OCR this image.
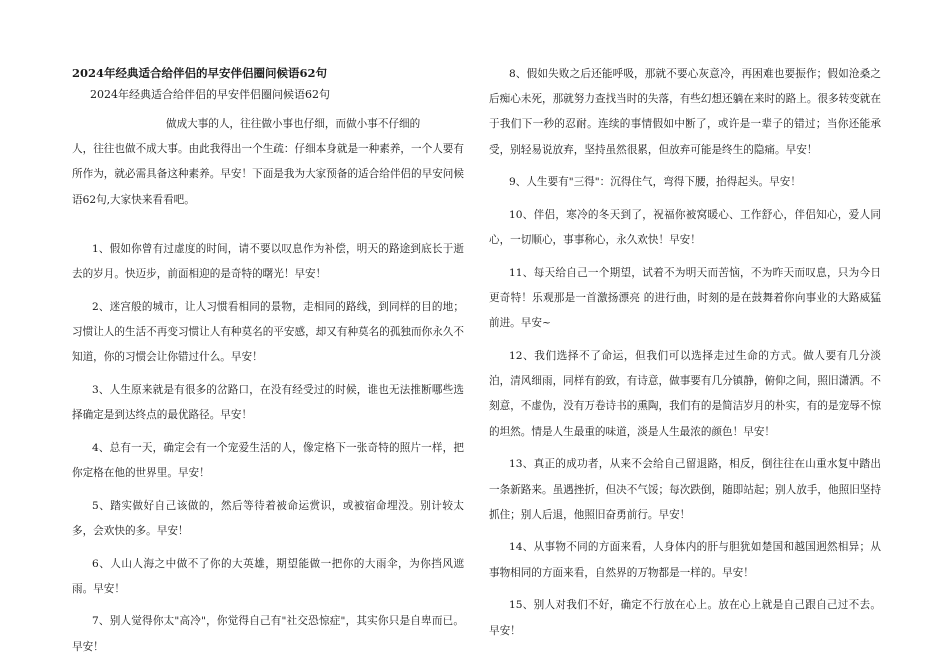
2024年经典适合给伴侣的早安伴侣圈问候语62句
2024年经典适合给伴侣的早安伴侣圈问候语62句

做成大事的人，往往做小事也仔细，而做小事不仔细的

人，往往也做不成大事。由此我得出一个生疏：仔细本身就是一种素养，一个人要有所作为，就必需具备这种素养。早安！下面是我为大家预备的适合给伴侣的早安问候语62句,大家快来看看吧。

1、假如你曾有过虚度的时间，请不要以叹息作为补偿，明天的路途到底长于逝去的岁月。快迈步，前面相迎的是奇特的曙光！早安！

2、迷宫般的城市，让人习惯看相同的景物，走相同的路线，到同样的目的地；习惯让人的生活不再变习惯让人有种莫名的平安感，却又有种莫名的孤独而你永久不知道，你的习惯会让你错过什么。早安！

3、人生原来就是有很多的岔路口，在没有经受过的时候，谁也无法推断哪些选择确定是到达终点的最优路径。早安！

4、总有一天，确定会有一个宠爱生活的人，像定格下一张奇特的照片一样，把你定格在他的世界里。早安！

5、踏实做好自己该做的，然后等待着被命运赏识，或被宿命埋没。别计较太多，会欢快的多。早安！

6、人山人海之中做不了你的大英雄，期望能做一把你的大雨伞，为你挡风遮雨。早安！

7、别人觉得你太"高冷"，你觉得自己有"社交恐惊症"，其实你只是自卑而已。早安！

8、假如失败之后还能呼吸，那就不要心灰意冷，再困难也要振作；假如沧桑之后痴心未死，那就努力查找当时的失落，有些幻想还躺在来时的路上。很多转变就在于我们下一秒的忍耐。连续的事情假如中断了，或许是一辈子的错过；当你还能承受，别轻易说放弃，坚持虽然很累，但放弃可能是终生的隐痛。早安！

9、人生要有"三得"：沉得住气，弯得下腰，抬得起头。早安！

10、伴侣，寒冷的冬天到了，祝福你被窝暖心、工作舒心，伴侣知心，爱人同心，一切顺心，事事称心，永久欢快！早安！

11、每天给自己一个期望，试着不为明天而苦恼，不为昨天而叹息，只为今日更奇特！乐观那是一首激扬漂亮 的进行曲，时刻的是在鼓舞着你向事业的大路威猛前进。早安~

12、我们选择不了命运，但我们可以选择走过生命的方式。做人要有几分淡泊，清风细雨，同样有韵致，有诗意，做事要有几分镇静，俯仰之间，照旧潇洒。不刻意，不虚伪，没有万卷诗书的熏陶，我们有的是简洁岁月的朴实，有的是宠辱不惊的坦然。情是人生最重的味道，淡是人生最浓的颜色！早安！

13、真正的成功者，从来不会给自己留退路，相反，倒往往在山重水复中踏出一条新路来。虽遇挫折，但决不气馁；每次跌倒，随即站起；别人放手，他照旧坚持抓住；别人后退，他照旧奋勇前行。早安！

14、从事物不同的方面来看，人身体内的肝与胆犹如楚国和越国迥然相异；从事物相同的方面来看，自然界的万物都是一样的。早安！

15、别人对我们不好，确定不行放在心上。放在心上就是自己跟自己过不去。早安！
